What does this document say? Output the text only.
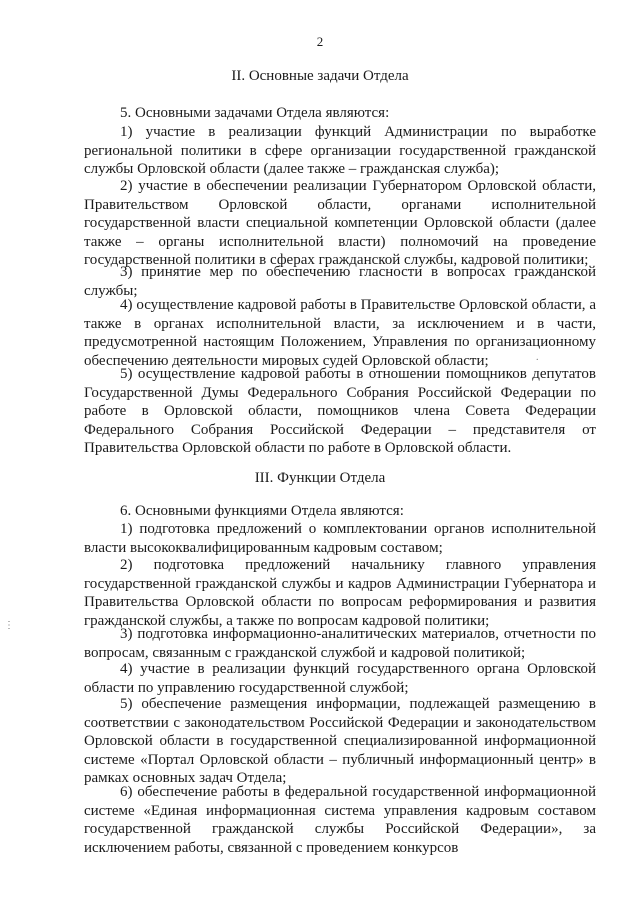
2
II. Основные задачи Отдела

5. Основными задачами Отдела являются:

1) участие в реализации функций Администрации по выработке региональной политики в сфере организации государственной гражданской службы Орловской области (далее также – гражданская служба);

2) участие в обеспечении реализации Губернатором Орловской области, Правительством Орловской области, органами исполнительной государственной власти специальной компетенции Орловской области (далее также – органы исполнительной власти) полномочий на проведение государственной политики в сферах гражданской службы, кадровой политики;

3) принятие мер по обеспечению гласности в вопросах гражданской службы;

4) осуществление кадровой работы в Правительстве Орловской области, а также в органах исполнительной власти, за исключением и в части, предусмотренной настоящим Положением, Управления по организационному обеспечению деятельности мировых судей Орловской области;

5) осуществление кадровой работы в отношении помощников депутатов Государственной Думы Федерального Собрания Российской Федерации по работе в Орловской области, помощников члена Совета Федерации Федерального Собрания Российской Федерации – представителя от Правительства Орловской области по работе в Орловской области.

III. Функции Отдела

6. Основными функциями Отдела являются:

1) подготовка предложений о комплектовании органов исполнительной власти высококвалифицированным кадровым составом;

2) подготовка предложений начальнику главного управления государственной гражданской службы и кадров Администрации Губернатора и Правительства Орловской области по вопросам реформирования и развития гражданской службы, а также по вопросам кадровой политики;

3) подготовка информационно-аналитических материалов, отчетности по вопросам, связанным с гражданской службой и кадровой политикой;

4) участие в реализации функций государственного органа Орловской области по управлению государственной службой;

5) обеспечение размещения информации, подлежащей размещению в соответствии с законодательством Российской Федерации и законодательством Орловской области в государственной специализированной информационной системе «Портал Орловской области – публичный информационный центр» в рамках основных задач Отдела;

6) обеспечение работы в федеральной государственной информационной системе «Единая информационная система управления кадровым составом государственной гражданской службы Российской Федерации», за исключением работы, связанной с проведением конкурсов

⋮
.
